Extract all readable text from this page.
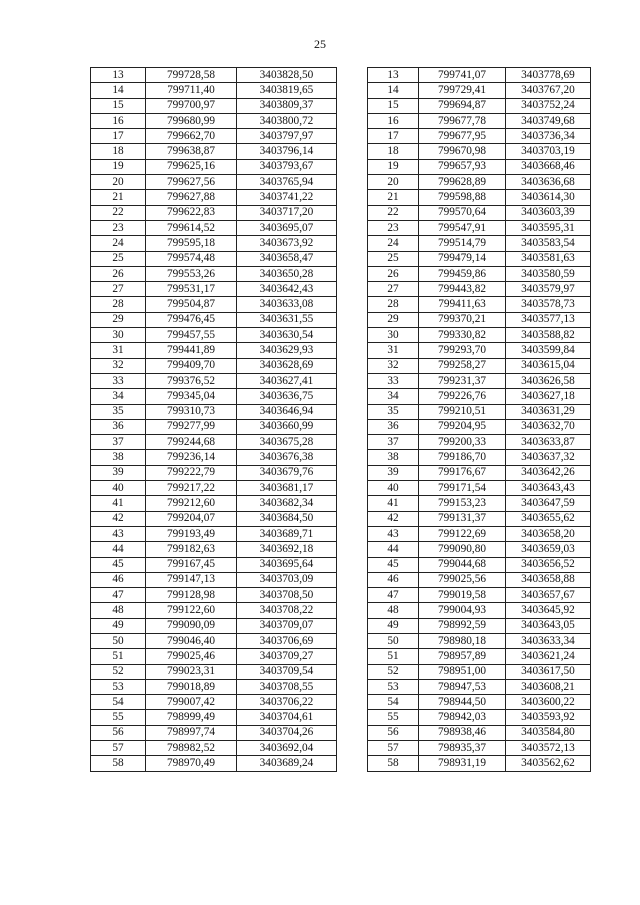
25
13	799728,58	3403828,50
14	799711,40	3403819,65
15	799700,97	3403809,37
16	799680,99	3403800,72
17	799662,70	3403797,97
18	799638,87	3403796,14
19	799625,16	3403793,67
20	799627,56	3403765,94
21	799627,88	3403741,22
22	799622,83	3403717,20
23	799614,52	3403695,07
24	799595,18	3403673,92
25	799574,48	3403658,47
26	799553,26	3403650,28
27	799531,17	3403642,43
28	799504,87	3403633,08
29	799476,45	3403631,55
30	799457,55	3403630,54
31	799441,89	3403629,93
32	799409,70	3403628,69
33	799376,52	3403627,41
34	799345,04	3403636,75
35	799310,73	3403646,94
36	799277,99	3403660,99
37	799244,68	3403675,28
38	799236,14	3403676,38
39	799222,79	3403679,76
40	799217,22	3403681,17
41	799212,60	3403682,34
42	799204,07	3403684,50
43	799193,49	3403689,71
44	799182,63	3403692,18
45	799167,45	3403695,64
46	799147,13	3403703,09
47	799128,98	3403708,50
48	799122,60	3403708,22
49	799090,09	3403709,07
50	799046,40	3403706,69
51	799025,46	3403709,27
52	799023,31	3403709,54
53	799018,89	3403708,55
54	799007,42	3403706,22
55	798999,49	3403704,61
56	798997,74	3403704,26
57	798982,52	3403692,04
58	798970,49	3403689,24
13	799741,07	3403778,69
14	799729,41	3403767,20
15	799694,87	3403752,24
16	799677,78	3403749,68
17	799677,95	3403736,34
18	799670,98	3403703,19
19	799657,93	3403668,46
20	799628,89	3403636,68
21	799598,88	3403614,30
22	799570,64	3403603,39
23	799547,91	3403595,31
24	799514,79	3403583,54
25	799479,14	3403581,63
26	799459,86	3403580,59
27	799443,82	3403579,97
28	799411,63	3403578,73
29	799370,21	3403577,13
30	799330,82	3403588,82
31	799293,70	3403599,84
32	799258,27	3403615,04
33	799231,37	3403626,58
34	799226,76	3403627,18
35	799210,51	3403631,29
36	799204,95	3403632,70
37	799200,33	3403633,87
38	799186,70	3403637,32
39	799176,67	3403642,26
40	799171,54	3403643,43
41	799153,23	3403647,59
42	799131,37	3403655,62
43	799122,69	3403658,20
44	799090,80	3403659,03
45	799044,68	3403656,52
46	799025,56	3403658,88
47	799019,58	3403657,67
48	799004,93	3403645,92
49	798992,59	3403643,05
50	798980,18	3403633,34
51	798957,89	3403621,24
52	798951,00	3403617,50
53	798947,53	3403608,21
54	798944,50	3403600,22
55	798942,03	3403593,92
56	798938,46	3403584,80
57	798935,37	3403572,13
58	798931,19	3403562,62
